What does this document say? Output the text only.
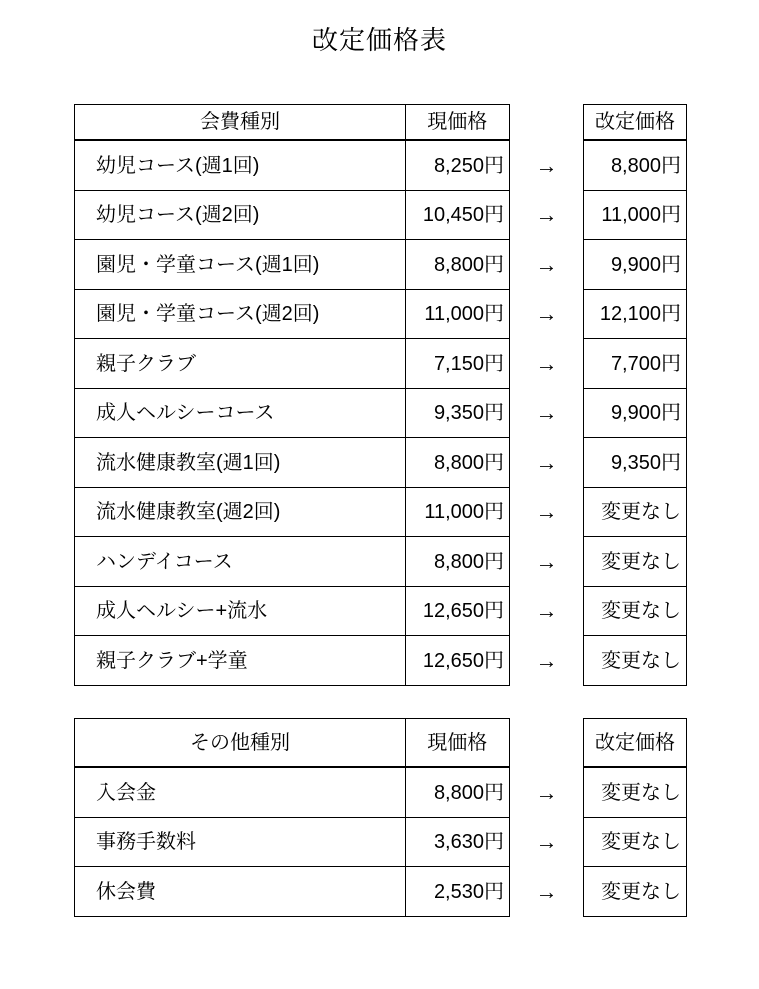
改定価格表
会費種別	現価格	改定価格
幼児コース(週1回)	8,250円	→	8,800円
幼児コース(週2回)	10,450円	→	11,000円
園児・学童コース(週1回)	8,800円	→	9,900円
園児・学童コース(週2回)	11,000円	→	12,100円
親子クラブ	7,150円	→	7,700円
成人ヘルシーコース	9,350円	→	9,900円
流水健康教室(週1回)	8,800円	→	9,350円
流水健康教室(週2回)	11,000円	→	変更なし
ハンデイコース	8,800円	→	変更なし
成人ヘルシー+流水	12,650円	→	変更なし
親子クラブ+学童	12,650円	→	変更なし
その他種別	現価格	改定価格
入会金	8,800円	→	変更なし
事務手数料	3,630円	→	変更なし
休会費	2,530円	→	変更なし
